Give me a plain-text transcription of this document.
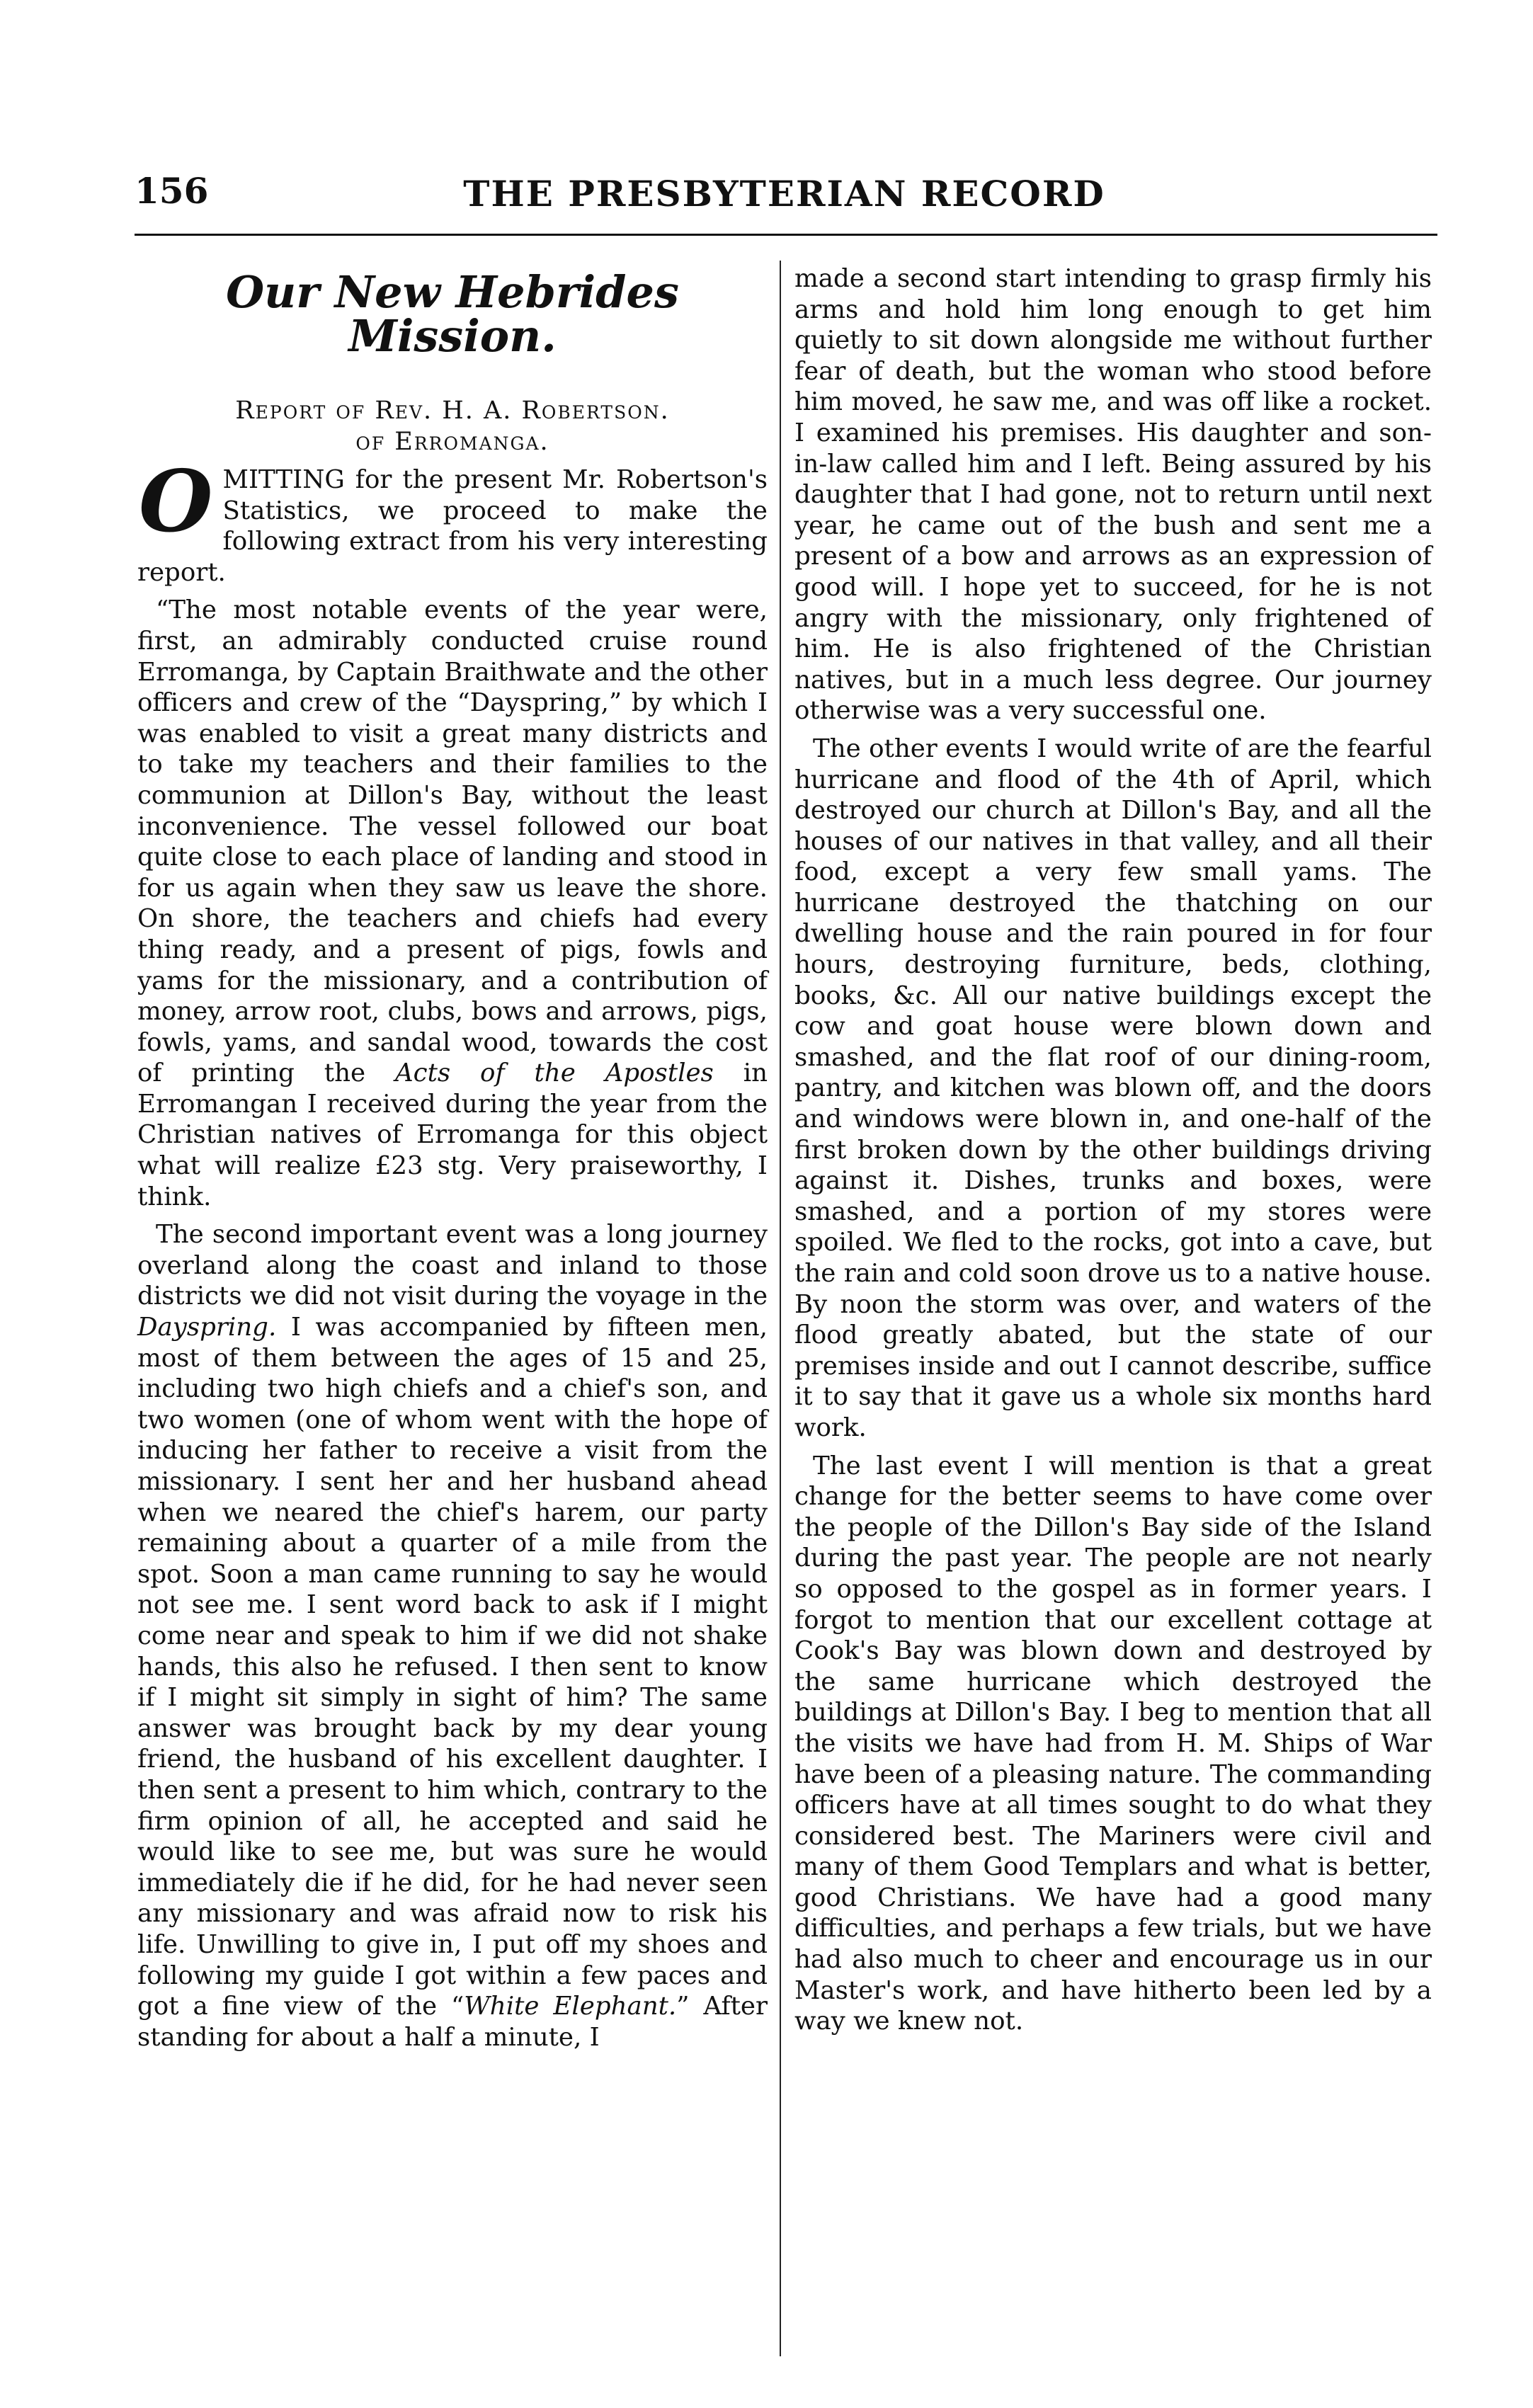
156	THE PRESBYTERIAN RECORD
Our New Hebrides Mission.
Report of Rev. H. A. Robertson.
of Erromanga.

OMITTING for the present Mr. Robertson's Statistics, we proceed to make the following extract from his very interesting report.

“The most notable events of the year were, first, an admirably conducted cruise round Erromanga, by Captain Braithwate and the other officers and crew of the “Dayspring,” by which I was enabled to visit a great many districts and to take my teachers and their families to the communion at Dillon's Bay, without the least inconvenience. The vessel followed our boat quite close to each place of landing and stood in for us again when they saw us leave the shore. On shore, the teachers and chiefs had every thing ready, and a present of pigs, fowls and yams for the missionary, and a contribution of money, arrow root, clubs, bows and arrows, pigs, fowls, yams, and sandal wood, towards the cost of printing the Acts of the Apostles in Erromangan I received during the year from the Christian natives of Erromanga for this object what will realize £23 stg. Very praiseworthy, I think.

The second important event was a long journey overland along the coast and inland to those districts we did not visit during the voyage in the Dayspring. I was accompanied by fifteen men, most of them between the ages of 15 and 25, including two high chiefs and a chief's son, and two women (one of whom went with the hope of inducing her father to receive a visit from the missionary. I sent her and her husband ahead when we neared the chief's harem, our party remaining about a quarter of a mile from the spot. Soon a man came running to say he would not see me. I sent word back to ask if I might come near and speak to him if we did not shake hands, this also he refused. I then sent to know if I might sit simply in sight of him? The same answer was brought back by my dear young friend, the husband of his excellent daughter. I then sent a present to him which, contrary to the firm opinion of all, he accepted and said he would like to see me, but was sure he would immediately die if he did, for he had never seen any missionary and was afraid now to risk his life. Unwilling to give in, I put off my shoes and following my guide I got within a few paces and got a fine view of the “White Elephant.” After standing for about a half a minute, I

made a second start intending to grasp firmly his arms and hold him long enough to get him quietly to sit down alongside me without further fear of death, but the woman who stood before him moved, he saw me, and was off like a rocket. I examined his premises. His daughter and son-in-law called him and I left. Being assured by his daughter that I had gone, not to return until next year, he came out of the bush and sent me a present of a bow and arrows as an expression of good will. I hope yet to succeed, for he is not angry with the missionary, only frightened of him. He is also frightened of the Christian natives, but in a much less degree. Our journey otherwise was a very successful one.

The other events I would write of are the fearful hurricane and flood of the 4th of April, which destroyed our church at Dillon's Bay, and all the houses of our natives in that valley, and all their food, except a very few small yams. The hurricane destroyed the thatching on our dwelling house and the rain poured in for four hours, destroying furniture, beds, clothing, books, &c. All our native buildings except the cow and goat house were blown down and smashed, and the flat roof of our dining-room, pantry, and kitchen was blown off, and the doors and windows were blown in, and one-half of the first broken down by the other buildings driving against it. Dishes, trunks and boxes, were smashed, and a portion of my stores were spoiled. We fled to the rocks, got into a cave, but the rain and cold soon drove us to a native house. By noon the storm was over, and waters of the flood greatly abated, but the state of our premises inside and out I cannot describe, suffice it to say that it gave us a whole six months hard work.

The last event I will mention is that a great change for the better seems to have come over the people of the Dillon's Bay side of the Island during the past year. The people are not nearly so opposed to the gospel as in former years. I forgot to mention that our excellent cottage at Cook's Bay was blown down and destroyed by the same hurricane which destroyed the buildings at Dillon's Bay. I beg to mention that all the visits we have had from H. M. Ships of War have been of a pleasing nature. The commanding officers have at all times sought to do what they considered best. The Mariners were civil and many of them Good Templars and what is better, good Christians. We have had a good many difficulties, and perhaps a few trials, but we have had also much to cheer and encourage us in our Master's work, and have hitherto been led by a way we knew not.
